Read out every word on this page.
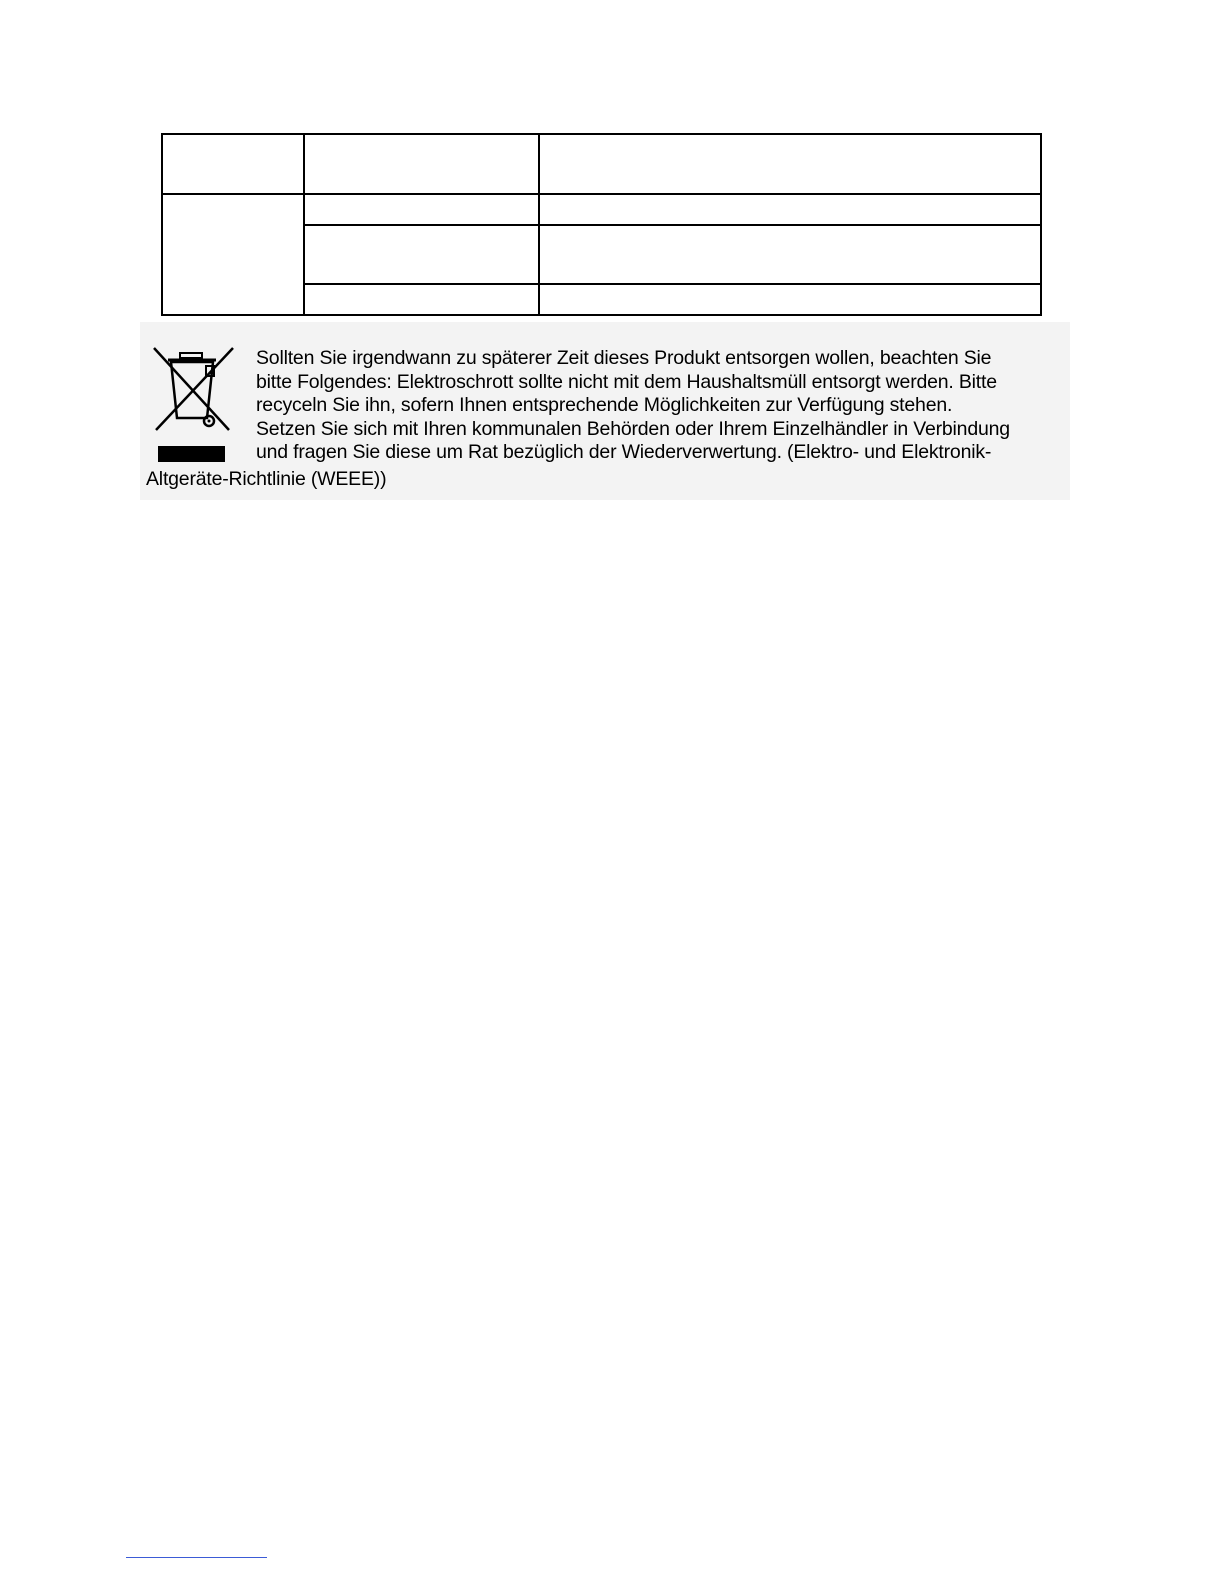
Sollten Sie irgendwann zu späterer Zeit dieses Produkt entsorgen wollen, beachten Sie
bitte Folgendes: Elektroschrott sollte nicht mit dem Haushaltsmüll entsorgt werden. Bitte
recyceln Sie ihn, sofern Ihnen entsprechende Möglichkeiten zur Verfügung stehen.
Setzen Sie sich mit Ihren kommunalen Behörden oder Ihrem Einzelhändler in Verbindung
und fragen Sie diese um Rat bezüglich der Wiederverwertung. (Elektro- und Elektronik-

Altgeräte-Richtlinie (WEEE))
